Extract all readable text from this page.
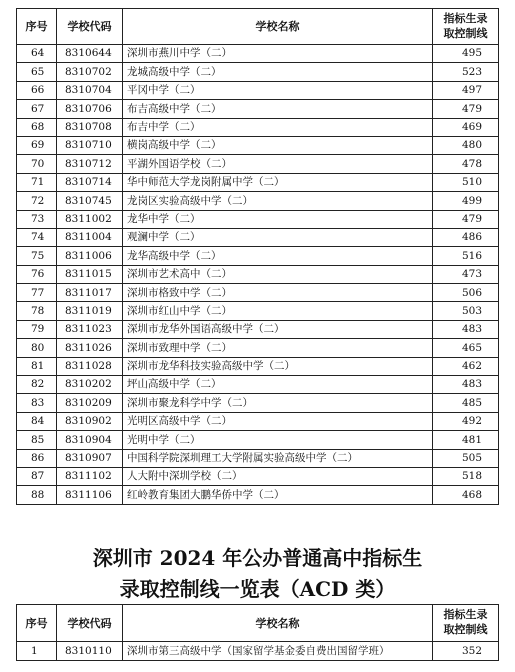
序号	学校代码	学校名称	指标生录
取控制线
64	8310644	深圳市燕川中学（二）	495
65	8310702	龙城高级中学（二）	523
66	8310704	平冈中学（二）	497
67	8310706	布吉高级中学（二）	479
68	8310708	布吉中学（二）	469
69	8310710	横岗高级中学（二）	480
70	8310712	平湖外国语学校（二）	478
71	8310714	华中师范大学龙岗附属中学（二）	510
72	8310745	龙岗区实验高级中学（二）	499
73	8311002	龙华中学（二）	479
74	8311004	观澜中学（二）	486
75	8311006	龙华高级中学（二）	516
76	8311015	深圳市艺术高中（二）	473
77	8311017	深圳市格致中学（二）	506
78	8311019	深圳市红山中学（二）	503
79	8311023	深圳市龙华外国语高级中学（二）	483
80	8311026	深圳市致理中学（二）	465
81	8311028	深圳市龙华科技实验高级中学（二）	462
82	8310202	坪山高级中学（二）	483
83	8310209	深圳市聚龙科学中学（二）	485
84	8310902	光明区高级中学（二）	492
85	8310904	光明中学（二）	481
86	8310907	中国科学院深圳理工大学附属实验高级中学（二）	505
87	8311102	人大附中深圳学校（二）	518
88	8311106	红岭教育集团大鹏华侨中学（二）	468
深圳市 2024 年公办普通高中指标生
录取控制线一览表（ACD 类）
序号	学校代码	学校名称	指标生录
取控制线
1	8310110	深圳市第三高级中学（国家留学基金委自费出国留学班）	352
